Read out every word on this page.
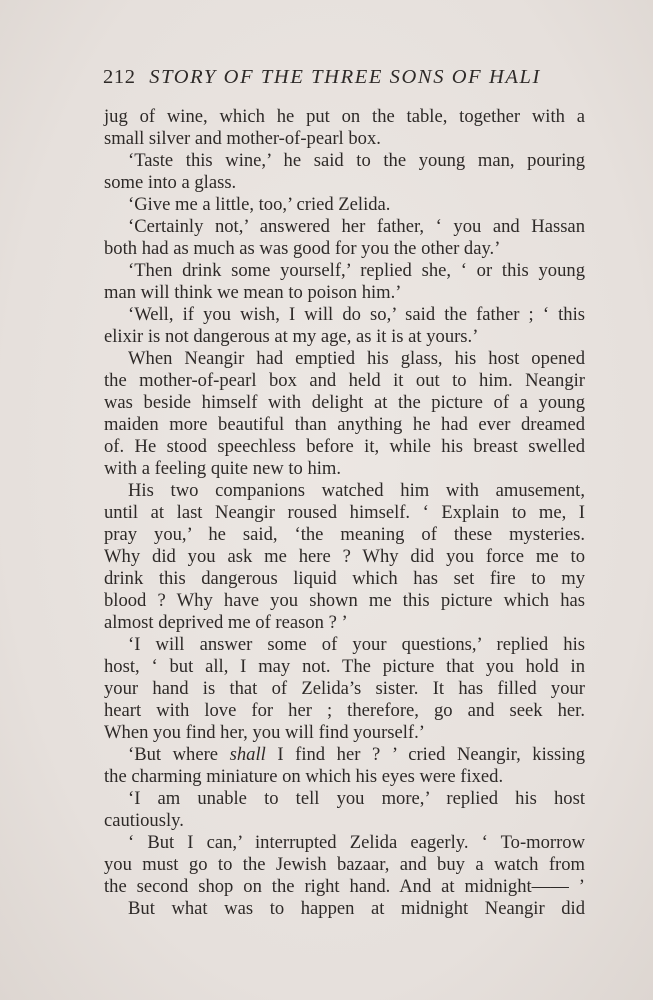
212 STORY OF THE THREE SONS OF HALI
jug of wine, which he put on the table, together with a
small silver and mother-of-pearl box.
‘Taste this wine,’ he said to the young man, pouring
some into a glass.
‘Give me a little, too,’ cried Zelida.
‘Certainly not,’ answered her father, ‘ you and Hassan
both had as much as was good for you the other day.’
‘Then drink some yourself,’ replied she, ‘ or this young
man will think we mean to poison him.’
‘Well, if you wish, I will do so,’ said the father ; ‘ this
elixir is not dangerous at my age, as it is at yours.’
When Neangir had emptied his glass, his host opened
the mother-of-pearl box and held it out to him. Neangir
was beside himself with delight at the picture of a young
maiden more beautiful than anything he had ever dreamed
of. He stood speechless before it, while his breast swelled
with a feeling quite new to him.
His two companions watched him with amusement,
until at last Neangir roused himself. ‘ Explain to me, I
pray you,’ he said, ‘the meaning of these mysteries.
Why did you ask me here ? Why did you force me to
drink this dangerous liquid which has set fire to my
blood ? Why have you shown me this picture which has
almost deprived me of reason ? ’
‘I will answer some of your questions,’ replied his
host, ‘ but all, I may not. The picture that you hold in
your hand is that of Zelida’s sister. It has filled your
heart with love for her ; therefore, go and seek her.
When you find her, you will find yourself.’
‘But where shall I find her ? ’ cried Neangir, kissing
the charming miniature on which his eyes were fixed.
‘I am unable to tell you more,’ replied his host
cautiously.
‘ But I can,’ interrupted Zelida eagerly. ‘ To-morrow
you must go to the Jewish bazaar, and buy a watch from
the second shop on the right hand. And at midnight—— ’
But what was to happen at midnight Neangir did
